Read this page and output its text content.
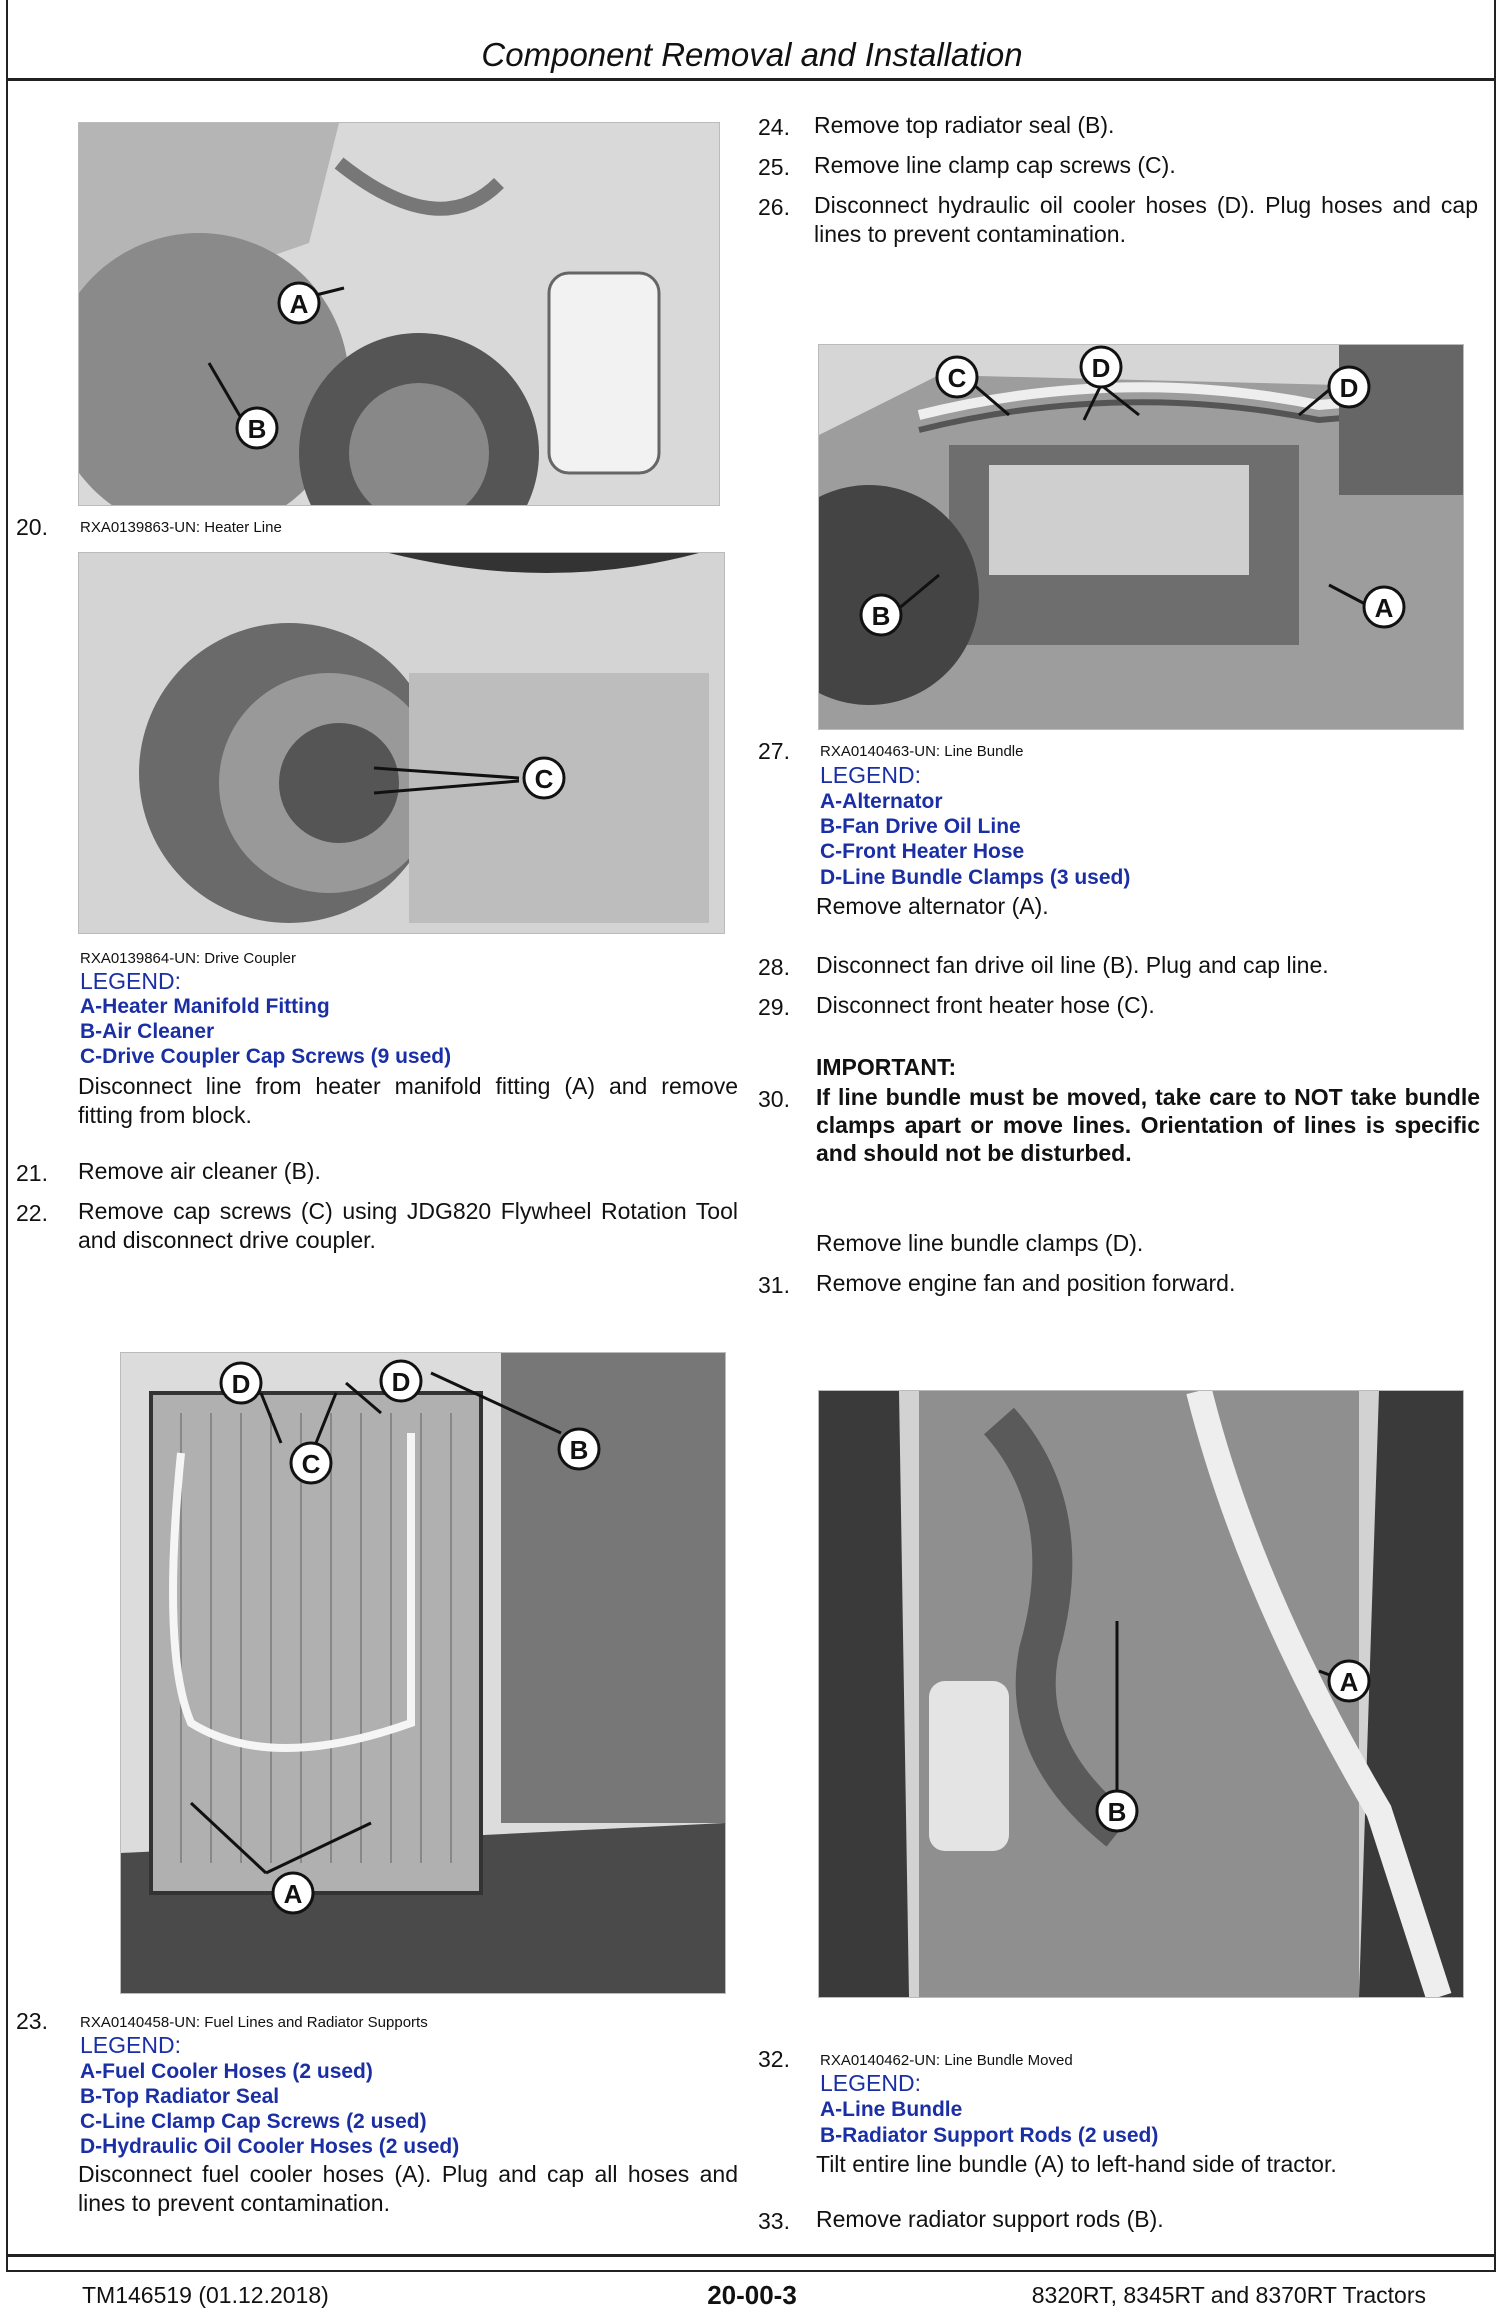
Component Removal and Installation
A
B
20. RXA0139863-UN: Heater Line
C
RXA0139864-UN: Drive Coupler
LEGEND:
A-Heater Manifold Fitting
B-Air Cleaner
C-Drive Coupler Cap Screws (9 used)
Disconnect line from heater manifold fitting (A) and remove fitting from block.
21. Remove air cleaner (B).
22. Remove cap screws (C) using JDG820 Flywheel Rotation Tool and disconnect drive coupler.
D	D
C	B
A
23. RXA0140458-UN: Fuel Lines and Radiator Supports
LEGEND:
A-Fuel Cooler Hoses (2 used)
B-Top Radiator Seal
C-Line Clamp Cap Screws (2 used)
D-Hydraulic Oil Cooler Hoses (2 used)
Disconnect fuel cooler hoses (A). Plug and cap all hoses and lines to prevent contamination.
24. Remove top radiator seal (B).
25. Remove line clamp cap screws (C).
26. Disconnect hydraulic oil cooler hoses (D). Plug hoses and cap lines to prevent contamination.
C	D
D
B	A
27. RXA0140463-UN: Line Bundle
LEGEND:
A-Alternator
B-Fan Drive Oil Line
C-Front Heater Hose
D-Line Bundle Clamps (3 used)
Remove alternator (A).
28. Disconnect fan drive oil line (B). Plug and cap line.
29. Disconnect front heater hose (C).
IMPORTANT:
30. If line bundle must be moved, take care to NOT take bundle clamps apart or move lines. Orientation of lines is specific and should not be disturbed.
Remove line bundle clamps (D).
31. Remove engine fan and position forward.
A
B
32. RXA0140462-UN: Line Bundle Moved
LEGEND:
A-Line Bundle
B-Radiator Support Rods (2 used)
Tilt entire line bundle (A) to left-hand side of tractor.
33. Remove radiator support rods (B).
TM146519 (01.12.2018)	20-00-3	8320RT, 8345RT and 8370RT Tractors
